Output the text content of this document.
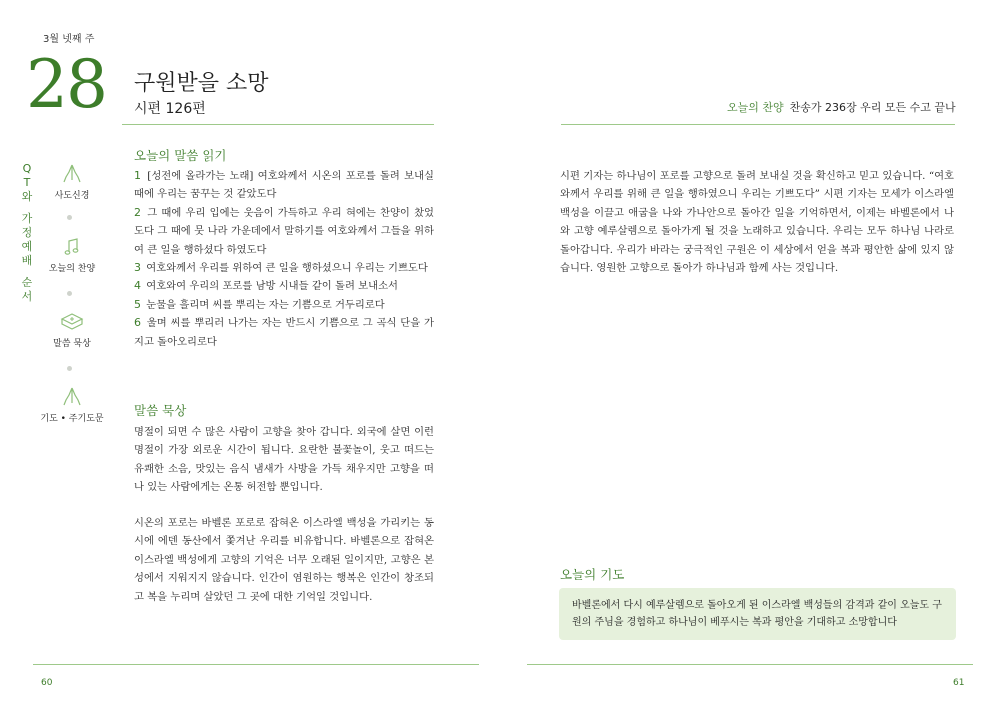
3월 넷째 주
28 구원받을 소망
시편 126편	오늘의 찬양 찬송가 236장 우리 모든 수고 끝나
Q
T
와
가
정
예
배
순
서
사도신경
오늘의 찬양
말씀 묵상
기도 • 주기도문
오늘의 말씀 읽기

1 [성전에 올라가는 노래] 여호와께서 시온의 포로를 돌려 보내실 때에 우리는 꿈꾸는 것 같았도다

2 그 때에 우리 입에는 웃음이 가득하고 우리 혀에는 찬양이 찼었도다 그 때에 뭇 나라 가운데에서 말하기를 여호와께서 그들을 위하여 큰 일을 행하셨다 하였도다

3 여호와께서 우리를 위하여 큰 일을 행하셨으니 우리는 기쁘도다

4 여호와여 우리의 포로를 남방 시내들 같이 돌려 보내소서

5 눈물을 흘리며 씨를 뿌리는 자는 기쁨으로 거두리로다

6 울며 씨를 뿌리러 나가는 자는 반드시 기쁨으로 그 곡식 단을 가지고 돌아오리로다

말씀 묵상
명절이 되면 수 많은 사람이 고향을 찾아 갑니다. 외국에 살면 이런 명절이 가장 외로운 시간이 됩니다. 요란한 불꽃놀이, 웃고 떠드는 유쾌한 소음, 맛있는 음식 냄새가 사방을 가득 채우지만 고향을 떠나 있는 사람에게는 온통 허전함 뿐입니다.
시온의 포로는 바벨론 포로로 잡혀온 이스라엘 백성을 가리키는 동시에 에덴 동산에서 쫓겨난 우리를 비유합니다. 바벨론으로 잡혀온 이스라엘 백성에게 고향의 기억은 너무 오래된 일이지만, 고향은 본성에서 지워지지 않습니다. 인간이 염원하는 행복은 인간이 창조되고 복을 누리며 살았던 그 곳에 대한 기억일 것입니다.
시편 기자는 하나님이 포로를 고향으로 돌려 보내실 것을 확신하고 믿고 있습니다. “여호와께서 우리를 위해 큰 일을 행하였으니 우리는 기쁘도다” 시편 기자는 모세가 이스라엘 백성을 이끌고 애굽을 나와 가나안으로 돌아간 일을 기억하면서, 이제는 바벨론에서 나와 고향 예루살렘으로 돌아가게 될 것을 노래하고 있습니다. 우리는 모두 하나님 나라로 돌아갑니다. 우리가 바라는 궁극적인 구원은 이 세상에서 얻을 복과 평안한 삶에 있지 않습니다. 영원한 고향으로 돌아가 하나님과 함께 사는 것입니다.
오늘의 기도
바벨론에서 다시 예루살렘으로 돌아오게 된 이스라엘 백성들의 감격과 같이 오늘도 구원의 주님을 경험하고 하나님이 베푸시는 복과 평안을 기대하고 소망합니다
60	61
